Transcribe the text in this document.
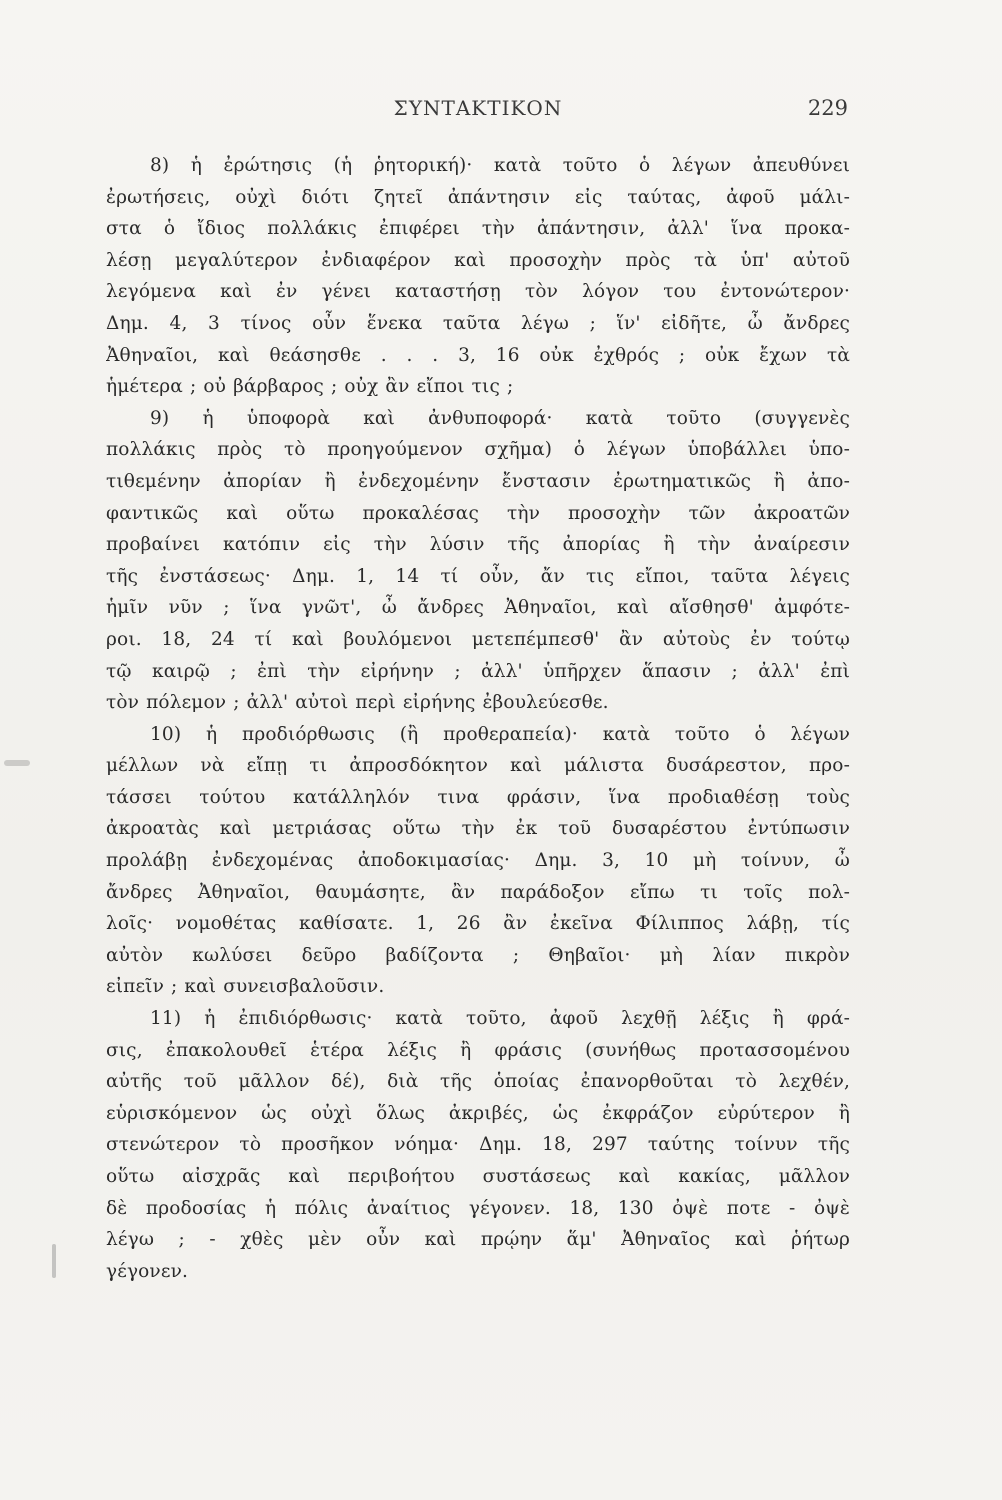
ΣΥΝΤΑΚΤΙΚΟΝ	229
8) ἡ ἐρώτησις (ἡ ῥητορική)· κατὰ τοῦτο ὁ λέγων ἀπευθύνει
ἐρωτήσεις, οὐχὶ διότι ζητεῖ ἀπάντησιν εἰς ταύτας, ἀφοῦ μάλι-
στα ὁ ἴδιος πολλάκις ἐπιφέρει τὴν ἀπάντησιν, ἀλλ' ἵνα προκα-
λέσῃ μεγαλύτερον ἐνδιαφέρον καὶ προσοχὴν πρὸς τὰ ὑπ' αὐτοῦ
λεγόμενα καὶ ἐν γένει καταστήσῃ τὸν λόγον του ἐντονώτερον·
Δημ. 4, 3 τίνος οὖν ἕνεκα ταῦτα λέγω ; ἵν' εἰδῆτε, ὦ ἄνδρες
Ἀθηναῖοι, καὶ θεάσησθε . . . 3, 16 οὐκ ἐχθρός ; οὐκ ἔχων τὰ
ἡμέτερα ; οὐ βάρβαρος ; οὐχ ἂν εἴποι τις ;
9) ἡ ὑποφορὰ καὶ ἀνθυποφορά· κατὰ τοῦτο (συγγενὲς
πολλάκις πρὸς τὸ προηγούμενον σχῆμα) ὁ λέγων ὑποβάλλει ὑπο-
τιθεμένην ἀπορίαν ἢ ἐνδεχομένην ἔνστασιν ἐρωτηματικῶς ἢ ἀπο-
φαντικῶς καὶ οὕτω προκαλέσας τὴν προσοχὴν τῶν ἀκροατῶν
προβαίνει κατόπιν εἰς τὴν λύσιν τῆς ἀπορίας ἢ τὴν ἀναίρεσιν
τῆς ἐνστάσεως· Δημ. 1, 14 τί οὖν, ἄν τις εἴποι, ταῦτα λέγεις
ἡμῖν νῦν ; ἵνα γνῶτ', ὦ ἄνδρες Ἀθηναῖοι, καὶ αἴσθησθ' ἀμφότε-
ροι. 18, 24 τί καὶ βουλόμενοι μετεπέμπεσθ' ἂν αὐτοὺς ἐν τούτῳ
τῷ καιρῷ ; ἐπὶ τὴν εἰρήνην ; ἀλλ' ὑπῆρχεν ἅπασιν ; ἀλλ' ἐπὶ
τὸν πόλεμον ; ἀλλ' αὐτοὶ περὶ εἰρήνης ἐβουλεύεσθε.
10) ἡ προδιόρθωσις (ἢ προθεραπεία)· κατὰ τοῦτο ὁ λέγων
μέλλων νὰ εἴπῃ τι ἀπροσδόκητον καὶ μάλιστα δυσάρεστον, προ-
τάσσει τούτου κατάλληλόν τινα φράσιν, ἵνα προδιαθέσῃ τοὺς
ἀκροατὰς καὶ μετριάσας οὕτω τὴν ἐκ τοῦ δυσαρέστου ἐντύπωσιν
προλάβῃ ἐνδεχομένας ἀποδοκιμασίας· Δημ. 3, 10 μὴ τοίνυν, ὦ
ἄνδρες Ἀθηναῖοι, θαυμάσητε, ἂν παράδοξον εἴπω τι τοῖς πολ-
λοῖς· νομοθέτας καθίσατε. 1, 26 ἂν ἐκεῖνα Φίλιππος λάβῃ, τίς
αὐτὸν κωλύσει δεῦρο βαδίζοντα ; Θηβαῖοι· μὴ λίαν πικρὸν
εἰπεῖν ; καὶ συνεισβαλοῦσιν.
11) ἡ ἐπιδιόρθωσις· κατὰ τοῦτο, ἀφοῦ λεχθῇ λέξις ἢ φρά-
σις, ἐπακολουθεῖ ἑτέρα λέξις ἢ φράσις (συνήθως προτασσομένου
αὐτῆς τοῦ μᾶλλον δέ), διὰ τῆς ὁποίας ἐπανορθοῦται τὸ λεχθέν,
εὑρισκόμενον ὡς οὐχὶ ὅλως ἀκριβές, ὡς ἐκφράζον εὐρύτερον ἢ
στενώτερον τὸ προσῆκον νόημα· Δημ. 18, 297 ταύτης τοίνυν τῆς
οὕτω αἰσχρᾶς καὶ περιβοήτου συστάσεως καὶ κακίας, μᾶλλον
δὲ προδοσίας ἡ πόλις ἀναίτιος γέγονεν. 18, 130 ὀψὲ ποτε - ὀψὲ
λέγω ; - χθὲς μὲν οὖν καὶ πρῴην ἅμ' Ἀθηναῖος καὶ ῥήτωρ
γέγονεν.
